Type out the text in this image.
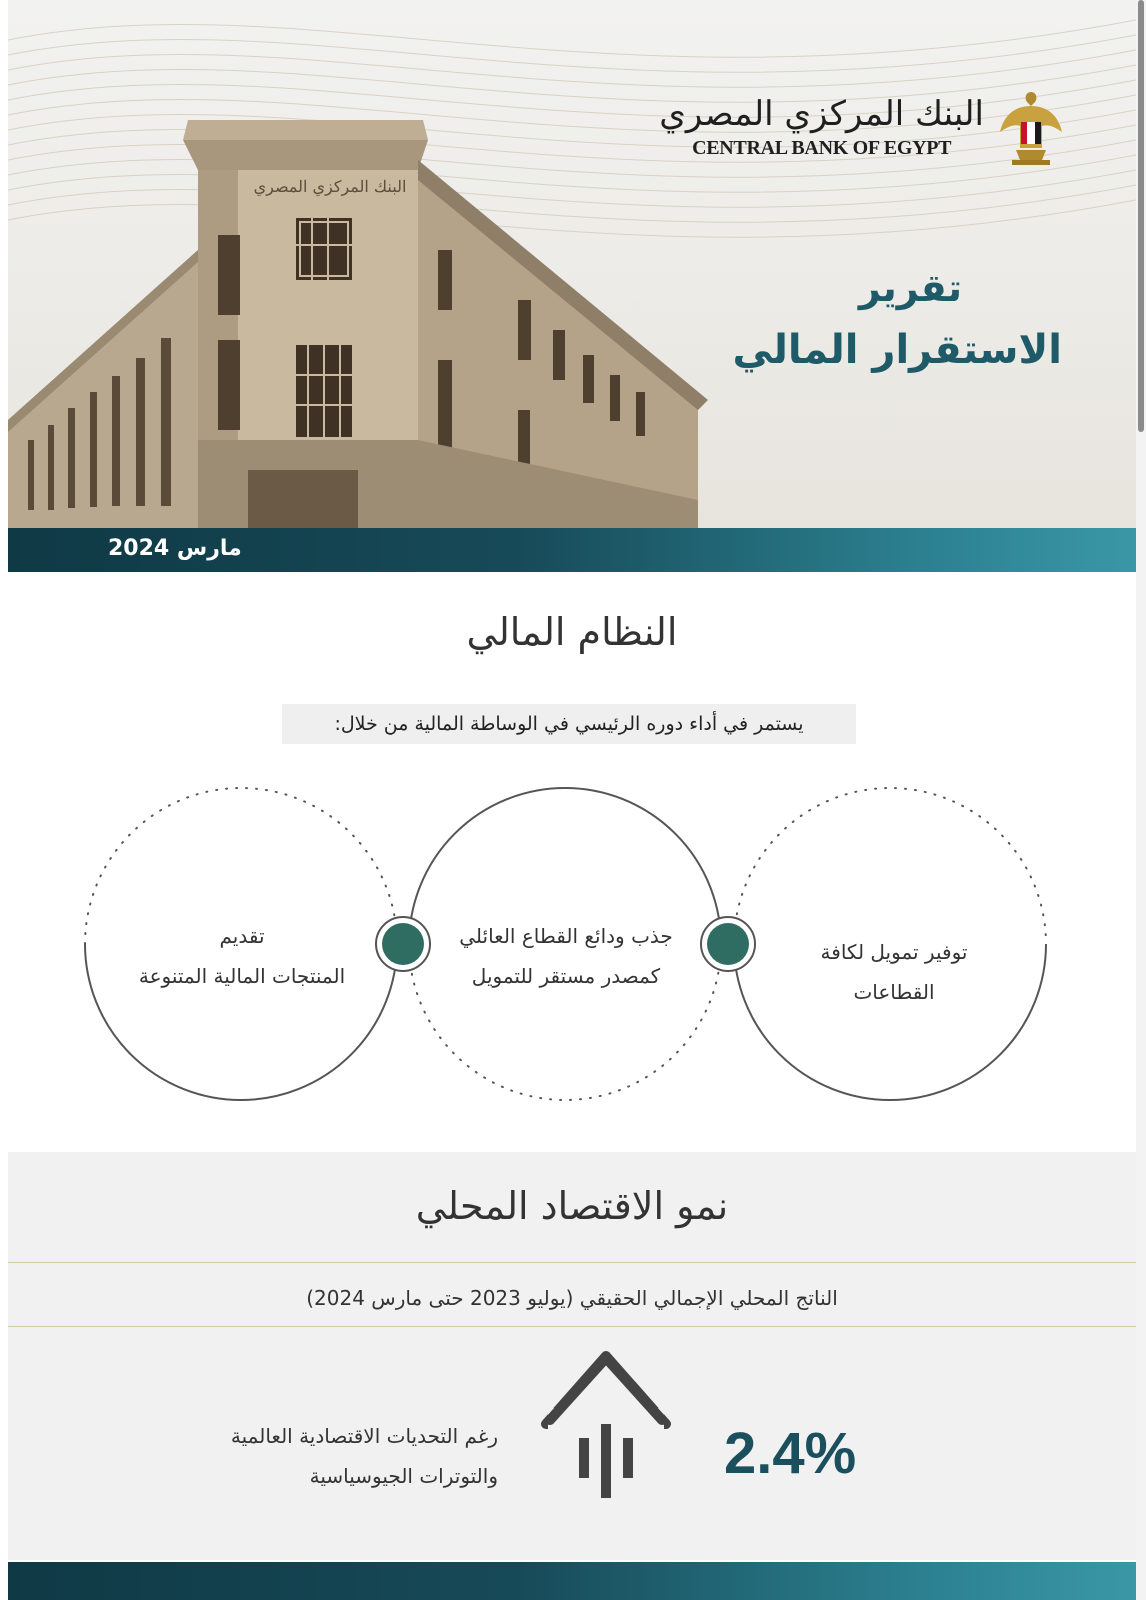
البنك المركزي المصري
البنك المركزي المصري
CENTRAL BANK OF EGYPT
تقرير
الاستقرار المالي
مارس 2024
النظام المالي
يستمر في أداء دوره الرئيسي في الوساطة المالية من خلال:
توفير تمويل لكافة
القطاعات
جذب ودائع القطاع العائلي
كمصدر مستقر للتمويل
تقديم
المنتجات المالية المتنوعة
نمو الاقتصاد المحلي
الناتج المحلي الإجمالي الحقيقي (يوليو 2023 حتى مارس 2024)
2.4%
رغم التحديات الاقتصادية العالمية
والتوترات الجيوسياسية
